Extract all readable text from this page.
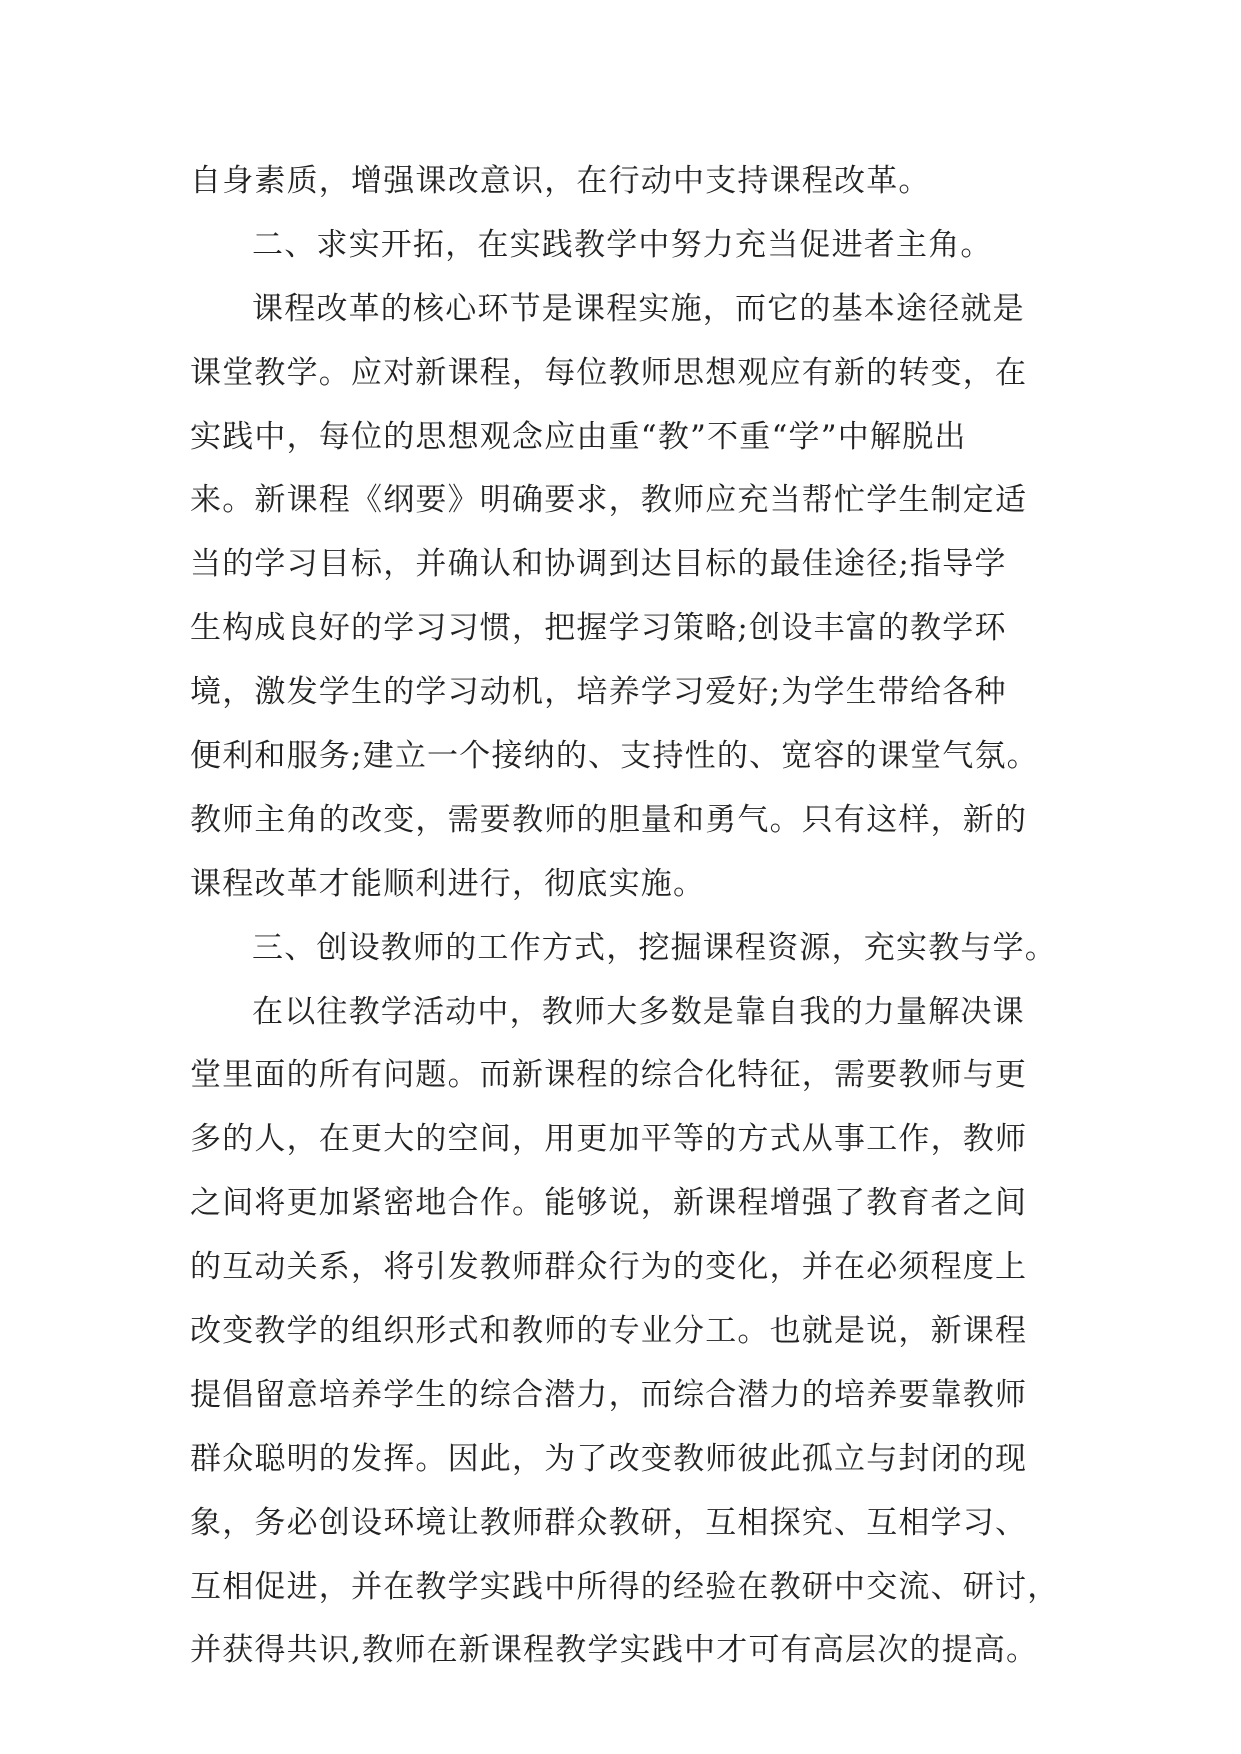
自身素质，增强课改意识，在行动中支持课程改革。
二、求实开拓，在实践教学中努力充当促进者主角。
课程改革的核心环节是课程实施，而它的基本途径就是
课堂教学。应对新课程，每位教师思想观应有新的转变，在
实践中，每位的思想观念应由重“教”不重“学”中解脱出
来。新课程《纲要》明确要求，教师应充当帮忙学生制定适
当的学习目标，并确认和协调到达目标的最佳途径;指导学
生构成良好的学习习惯，把握学习策略;创设丰富的教学环
境，激发学生的学习动机，培养学习爱好;为学生带给各种
便利和服务;建立一个接纳的、支持性的、宽容的课堂气氛。
教师主角的改变，需要教师的胆量和勇气。只有这样，新的
课程改革才能顺利进行，彻底实施。
三、创设教师的工作方式，挖掘课程资源，充实教与学。
在以往教学活动中，教师大多数是靠自我的力量解决课
堂里面的所有问题。而新课程的综合化特征，需要教师与更
多的人，在更大的空间，用更加平等的方式从事工作，教师
之间将更加紧密地合作。能够说，新课程增强了教育者之间
的互动关系，将引发教师群众行为的变化，并在必须程度上
改变教学的组织形式和教师的专业分工。也就是说，新课程
提倡留意培养学生的综合潜力，而综合潜力的培养要靠教师
群众聪明的发挥。因此，为了改变教师彼此孤立与封闭的现
象，务必创设环境让教师群众教研，互相探究、互相学习、
互相促进，并在教学实践中所得的经验在教研中交流、研讨，
并获得共识,教师在新课程教学实践中才可有高层次的提高。
